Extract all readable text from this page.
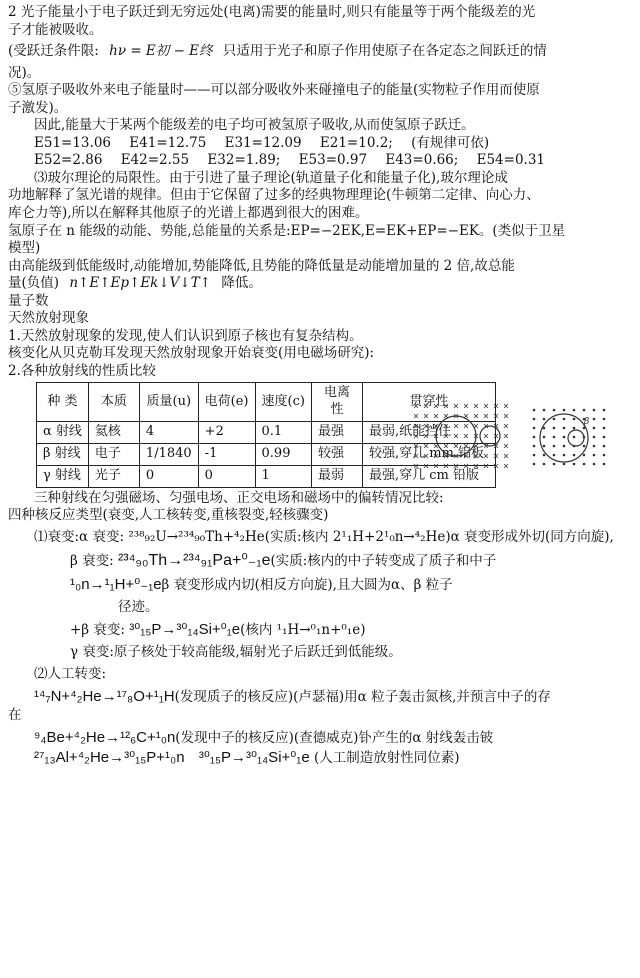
2 光子能量小于电子跃迁到无穷远处(电离)需要的能量时,则只有能量等于两个能级差的光

子才能被吸收。

(受跃迁条件限: hν = E初 − E终 只适用于光子和原子作用使原子在各定态之间跃迁的情

况)。

⑤氢原子吸收外来电子能量时——可以部分吸收外来碰撞电子的能量(实物粒子作用而使原

子激发)。

因此,能量大于某两个能级差的电子均可被氢原子吸收,从而使氢原子跃迁。

E51=13.06 E41=12.75 E31=12.09 E21=10.2; (有规律可依)

E52=2.86 E42=2.55 E32=1.89; E53=0.97 E43=0.66; E54=0.31

⑶玻尔理论的局限性。由于引进了量子理论(轨道量子化和能量子化),玻尔理论成

功地解释了氢光谱的规律。但由于它保留了过多的经典物理理论(牛顿第二定律、向心力、

库仑力等),所以在解释其他原子的光谱上都遇到很大的困难。

氢原子在 n 能级的动能、势能,总能量的关系是:EP=−2EK,E=EK+EP=−EK。(类似于卫星

模型)

由高能级到低能级时,动能增加,势能降低,且势能的降低量是动能增加量的 2 倍,故总能

量(负值) n↑E↑Ep↑Ek↓V↓T↑ 降低。

量子数

天然放射现象

1.天然放射现象的发现,使人们认识到原子核也有复杂结构。

核变化从贝克勒耳发现天然放射现象开始衰变(用电磁场研究):

2.各种放射线的性质比较

β
种 类	本质	质量(u)	电荷(e)	速度(c)	电离性	贯穿性
α 射线	氦核	4	+2	0.1	最强	最弱,纸能挡住
β 射线	电子	1/1840	-1	0.99	较强	较强,穿几 mm 铝板
γ 射线	光子	0	0	1	最弱	最强,穿几 cm 铅版

三种射线在匀强磁场、匀强电场、正交电场和磁场中的偏转情况比较:

四种核反应类型(衰变,人工核转变,重核裂变,轻核骤变)

⑴衰变:α 衰变: ²³⁸₉₂U→²³⁴₉₀Th+⁴₂He(实质:核内 2¹₁H+2¹₀n→⁴₂He)α 衰变形成外切(同方向旋),

β 衰变: ²³⁴₉₀Th→²³⁴₉₁Pa+⁰₋₁e(实质:核内的中子转变成了质子和中子

¹₀n→¹₁H+⁰₋₁eβ 衰变形成内切(相反方向旋),且大圆为α、β 粒子

径迹。

+β 衰变: ³⁰₁₅P→³⁰₁₄Si+⁰₁e(核内 ¹₁H→⁰₁n+⁰₁e)

γ 衰变:原子核处于较高能级,辐射光子后跃迁到低能级。

⑵人工转变:

¹⁴₇N+⁴₂He→¹⁷₈O+¹₁H(发现质子的核反应)(卢瑟福)用α 粒子轰击氮核,并预言中子的存

在

⁹₄Be+⁴₂He→¹²₆C+¹₀n(发现中子的核反应)(查德威克)钋产生的α 射线轰击铍

²⁷₁₃Al+⁴₂He→³⁰₁₅P+¹₀n ³⁰₁₅P→³⁰₁₄Si+⁰₁e (人工制造放射性同位素)
